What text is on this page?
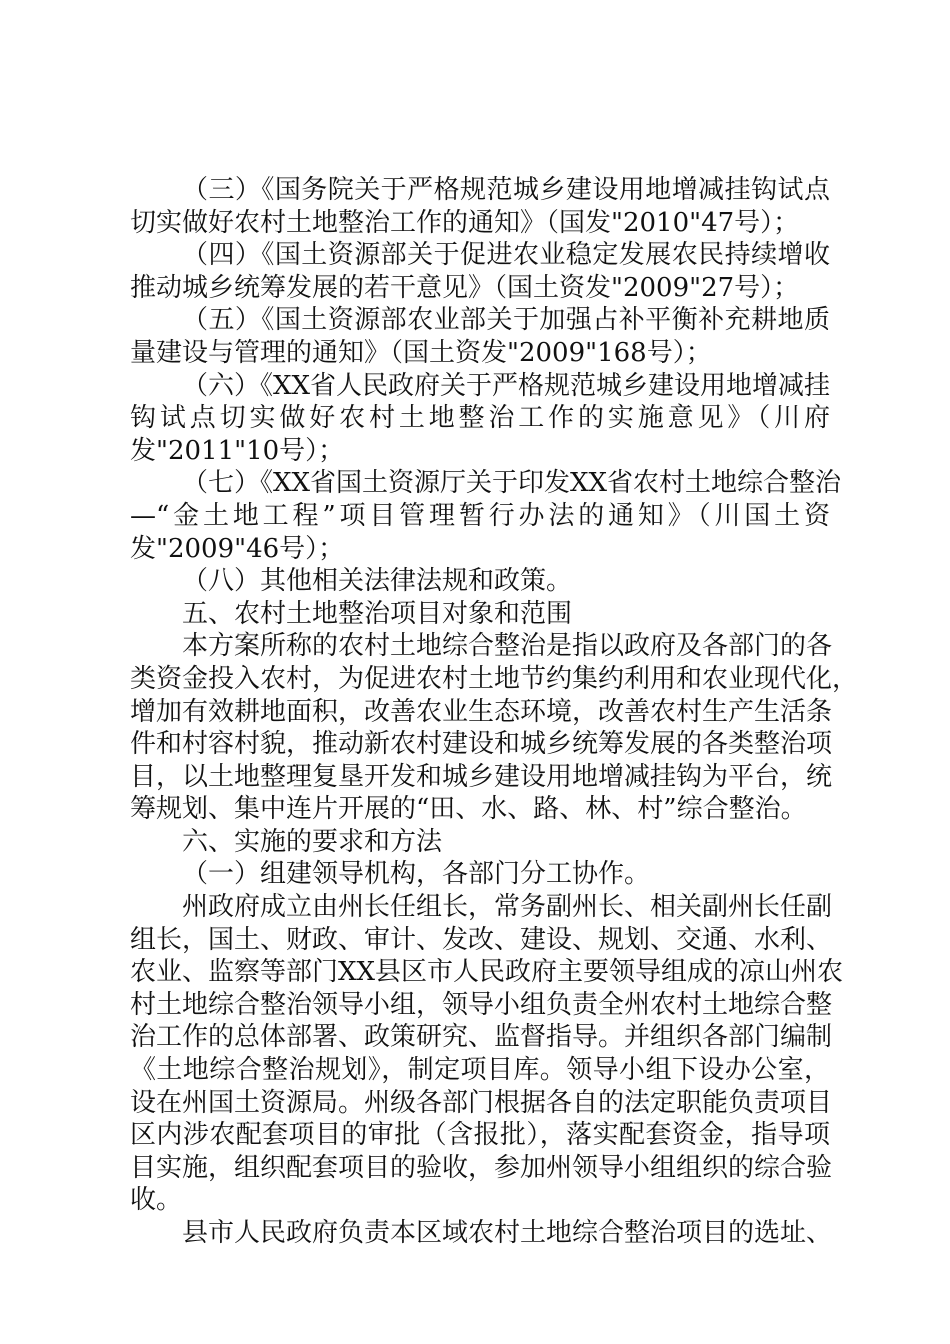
（三）《国务院关于严格规范城乡建设用地增减挂钩试点
切实做好农村土地整治工作的通知》（国发"2010"47号）；
（四）《国土资源部关于促进农业稳定发展农民持续增收
推动城乡统筹发展的若干意见》（国土资发"2009"27号）；
（五）《国土资源部农业部关于加强占补平衡补充耕地质
量建设与管理的通知》（国土资发"2009"168号）；
（六）《XX省人民政府关于严格规范城乡建设用地增减挂
钩试点切实做好农村土地整治工作的实施意见》（川府
发"2011"10号）；
（七）《XX省国土资源厅关于印发XX省农村土地综合整治
—“金土地工程”项目管理暂行办法的通知》（川国土资
发"2009"46号）；
（八）其他相关法律法规和政策。
五、农村土地整治项目对象和范围
本方案所称的农村土地综合整治是指以政府及各部门的各
类资金投入农村，为促进农村土地节约集约利用和农业现代化，
增加有效耕地面积，改善农业生态环境，改善农村生产生活条
件和村容村貌，推动新农村建设和城乡统筹发展的各类整治项
目，以土地整理复垦开发和城乡建设用地增减挂钩为平台，统
筹规划、集中连片开展的“田、水、路、林、村”综合整治。
六、实施的要求和方法
（一）组建领导机构，各部门分工协作。
州政府成立由州长任组长，常务副州长、相关副州长任副
组长，国土、财政、审计、发改、建设、规划、交通、水利、
农业、监察等部门XX县区市人民政府主要领导组成的凉山州农
村土地综合整治领导小组，领导小组负责全州农村土地综合整
治工作的总体部署、政策研究、监督指导。并组织各部门编制
《土地综合整治规划》，制定项目库。领导小组下设办公室，
设在州国土资源局。州级各部门根据各自的法定职能负责项目
区内涉农配套项目的审批（含报批），落实配套资金，指导项
目实施，组织配套项目的验收，参加州领导小组组织的综合验
收。
县市人民政府负责本区域农村土地综合整治项目的选址、
